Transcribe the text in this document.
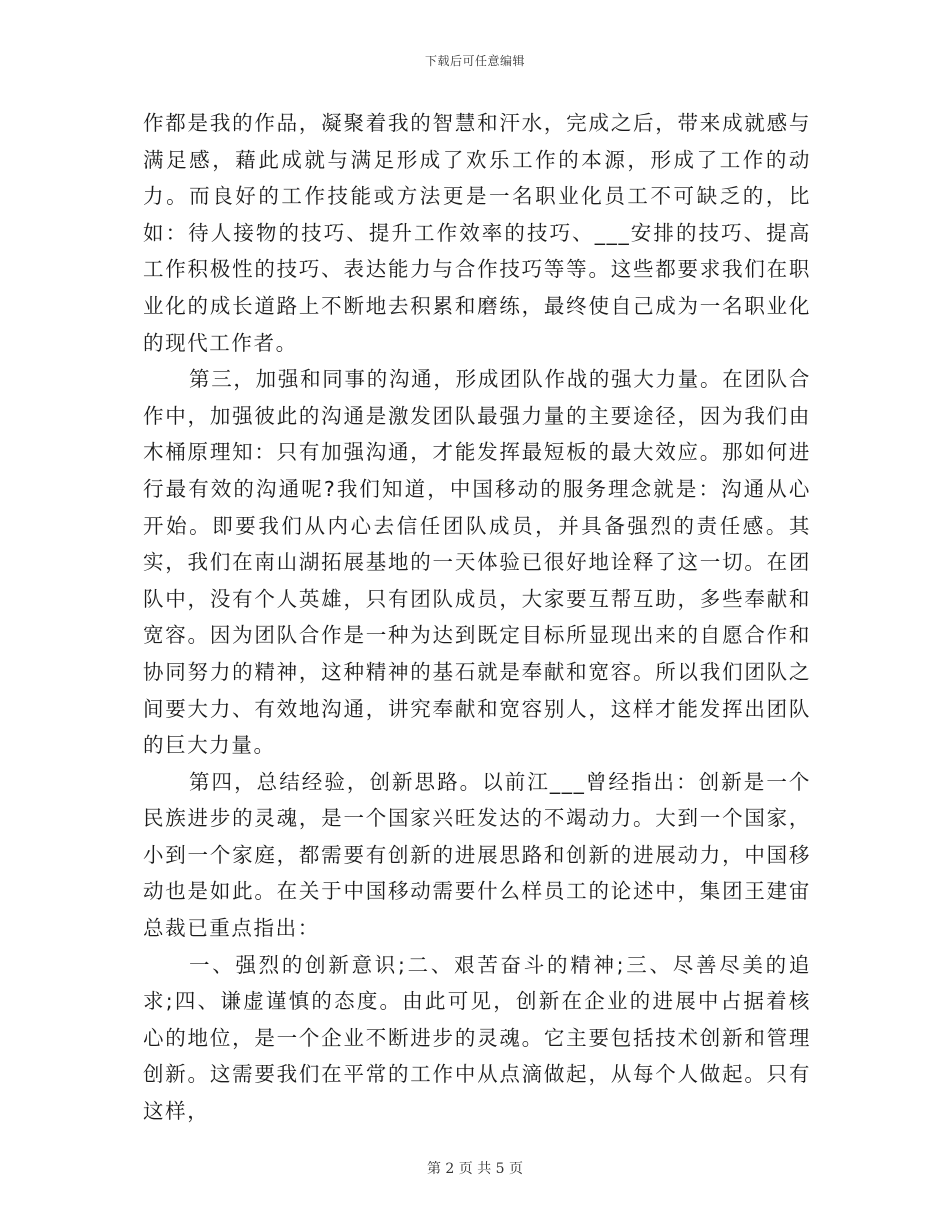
下载后可任意编辑

作都是我的作品，凝聚着我的智慧和汗水，完成之后，带来成就感与满足感，藉此成就与满足形成了欢乐工作的本源，形成了工作的动力。而良好的工作技能或方法更是一名职业化员工不可缺乏的，比如：待人接物的技巧、提升工作效率的技巧、___安排的技巧、提高工作积极性的技巧、表达能力与合作技巧等等。这些都要求我们在职业化的成长道路上不断地去积累和磨练，最终使自己成为一名职业化的现代工作者。

第三，加强和同事的沟通，形成团队作战的强大力量。在团队合作中，加强彼此的沟通是激发团队最强力量的主要途径，因为我们由木桶原理知：只有加强沟通，才能发挥最短板的最大效应。那如何进行最有效的沟通呢?我们知道，中国移动的服务理念就是：沟通从心开始。即要我们从内心去信任团队成员，并具备强烈的责任感。其实，我们在南山湖拓展基地的一天体验已很好地诠释了这一切。在团队中，没有个人英雄，只有团队成员，大家要互帮互助，多些奉献和宽容。因为团队合作是一种为达到既定目标所显现出来的自愿合作和协同努力的精神，这种精神的基石就是奉献和宽容。所以我们团队之间要大力、有效地沟通，讲究奉献和宽容别人，这样才能发挥出团队的巨大力量。

第四，总结经验，创新思路。以前江___曾经指出：创新是一个民族进步的灵魂，是一个国家兴旺发达的不竭动力。大到一个国家，小到一个家庭，都需要有创新的进展思路和创新的进展动力，中国移动也是如此。在关于中国移动需要什么样员工的论述中，集团王建宙总裁已重点指出：

一、强烈的创新意识;二、艰苦奋斗的精神;三、尽善尽美的追求;四、谦虚谨慎的态度。由此可见，创新在企业的进展中占据着核心的地位，是一个企业不断进步的灵魂。它主要包括技术创新和管理创新。这需要我们在平常的工作中从点滴做起，从每个人做起。只有这样，

第 2 页 共 5 页
